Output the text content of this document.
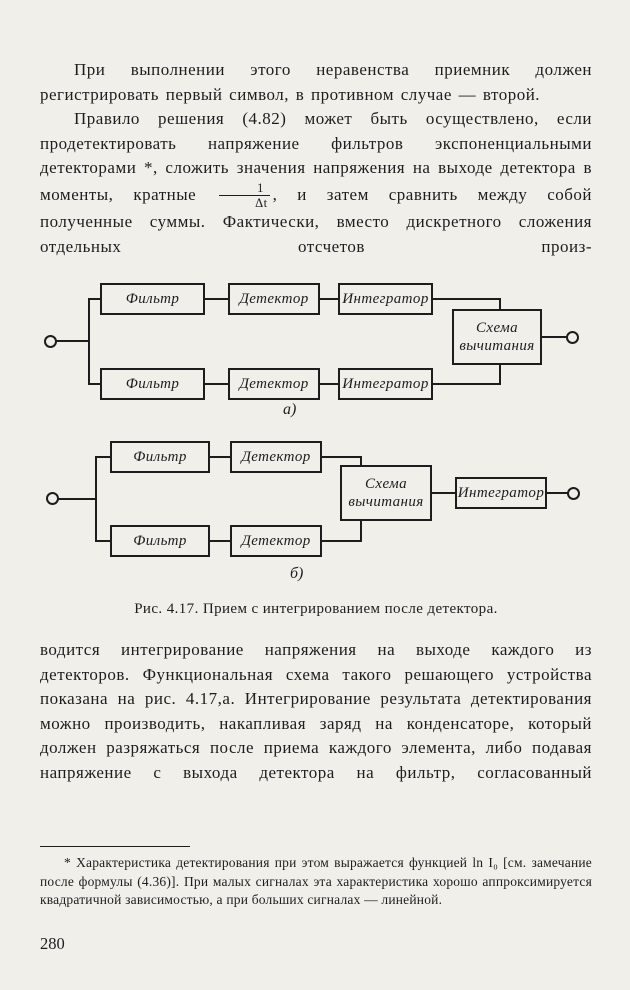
При выполнении этого неравенства приемник должен регистрировать первый символ, в противном случае — второй.

Правило решения (4.82) может быть осуществлено, если продетектировать напряжение фильтров экспоненциальными детекторами *, сложить значения напряжения на выходе детектора в моменты, кратные $\frac{1}{\Delta t}$ , и затем сравнить между собой полученные суммы. Фактически, вместо дискретного сложения отдельных отсчетов произ-

Фильтр	Детектор Интегратор
Фильтр	Детектор Интегратор
Схема вычитания
а)
Фильтр	Детектор
Фильтр	Детектор
Схема вычитания
Интегратор
б)
Рис. 4.17. Прием с интегрированием после детектора.

водится интегрирование напряжения на выходе каждого из детекторов. Функциональная схема такого решающего устройства показана на рис. 4.17,а. Интегрирование результата детектирования можно производить, накапливая заряд на конденсаторе, который должен разряжаться после приема каждого элемента, либо подавая напряжение с выхода детектора на фильтр, согласованный

* Характеристика детектирования при этом выражается функцией ln I₀ [см. замечание после формулы (4.36)]. При малых сигналах эта характеристика хорошо аппроксимируется квадратичной зависимостью, а при больших сигналах — линейной.

280
